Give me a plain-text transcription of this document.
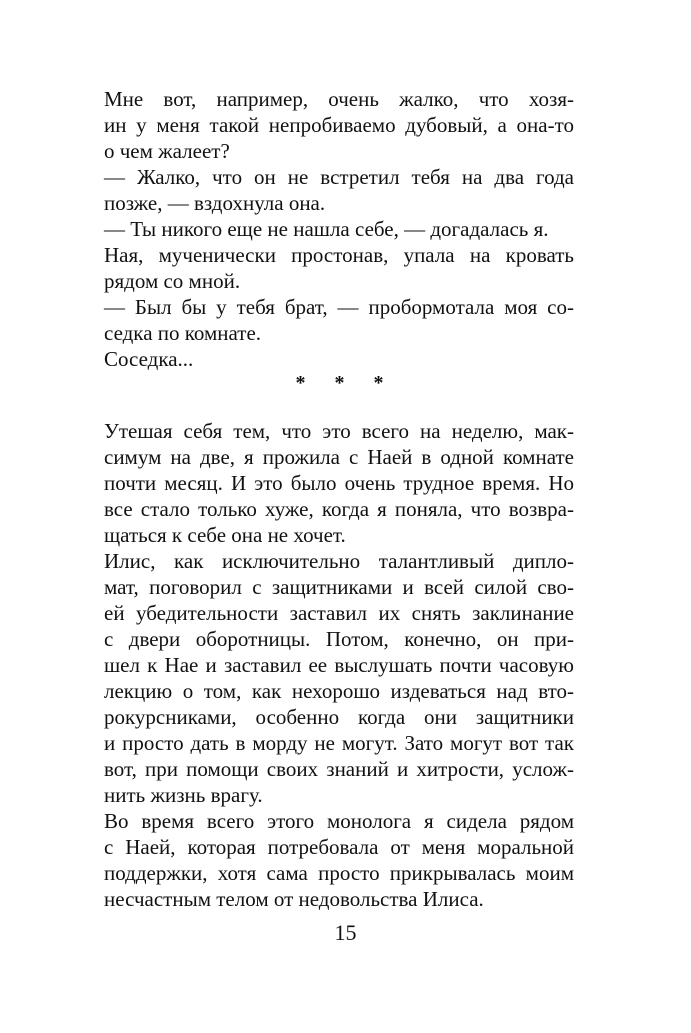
Мне вот, например, очень жалко, что хозя-
ин у меня такой непробиваемо дубовый, а она-то
о чем жалеет?
— Жалко, что он не встретил тебя на два года
позже, — вздохнула она.
— Ты никого еще не нашла себе, — догадалась я.
Ная, мученически простонав, упала на кровать
рядом со мной.
— Был бы у тебя брат, — пробормотала моя со-
седка по комнате.
Соседка...
* * *
Утешая себя тем, что это всего на неделю, мак-
симум на две, я прожила с Наей в одной комнате
почти месяц. И это было очень трудное время. Но
все стало только хуже, когда я поняла, что возвра-
щаться к себе она не хочет.
Илис, как исключительно талантливый дипло-
мат, поговорил с защитниками и всей силой сво-
ей убедительности заставил их снять заклинание
с двери оборотницы. Потом, конечно, он при-
шел к Нае и заставил ее выслушать почти часовую
лекцию о том, как нехорошо издеваться над вто-
рокурсниками, особенно когда они защитники
и просто дать в морду не могут. Зато могут вот так
вот, при помощи своих знаний и хитрости, услож-
нить жизнь врагу.
Во время всего этого монолога я сидела рядом
с Наей, которая потребовала от меня моральной
поддержки, хотя сама просто прикрывалась моим
несчастным телом от недовольства Илиса.
15
